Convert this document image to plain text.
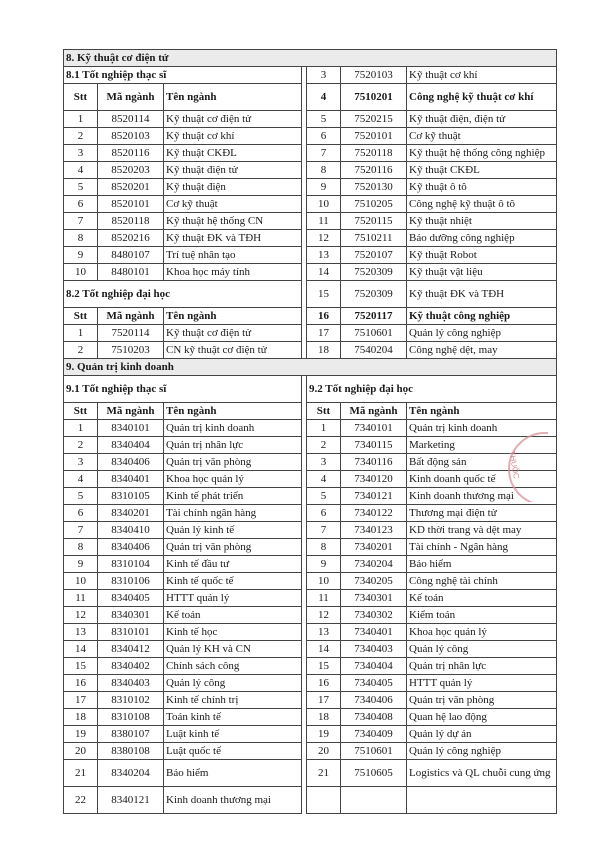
8. Kỹ thuật cơ điện tử						
8.1 Tốt nghiệp thạc sĩ				3	7520103	Kỹ thuật cơ khí
Stt	Mã ngành	Tên ngành		4	7510201	Công nghệ kỹ thuật cơ khí
1	8520114	Kỹ thuật cơ điện tử		5	7520215	Kỹ thuật điện, điện tử
2	8520103	Kỹ thuật cơ khí		6	7520101	Cơ kỹ thuật
3	8520116	Kỹ thuật CKĐL		7	7520118	Kỹ thuật hệ thống công nghiệp
4	8520203	Kỹ thuật điện tử		8	7520116	Kỹ thuật CKĐL
5	8520201	Kỹ thuật điện		9	7520130	Kỹ thuật ô tô
6	8520101	Cơ kỹ thuật		10	7510205	Công nghệ kỹ thuật ô tô
7	8520118	Kỹ thuật hệ thống CN		11	7520115	Kỹ thuật nhiệt
8	8520216	Kỹ thuật ĐK và TĐH		12	7510211	Bảo dưỡng công nghiệp
9	8480107	Trí tuệ nhân tạo		13	7520107	Kỹ thuật Robot
10	8480101	Khoa học máy tính		14	7520309	Kỹ thuật vật liệu
8.2 Tốt nghiệp đại học				15	7520309	Kỹ thuật ĐK và TĐH
Stt	Mã ngành	Tên ngành		16	7520117	Kỹ thuật công nghiệp
1	7520114	Kỹ thuật cơ điện tử		17	7510601	Quản lý công nghiệp
2	7510203	CN kỹ thuật cơ điện tử		18	7540204	Công nghệ dệt, may
9. Quản trị kinh doanh						
9.1 Tốt nghiệp thạc sĩ				9.2 Tốt nghiệp đại học		
Stt	Mã ngành	Tên ngành		Stt	Mã ngành	Tên ngành
1	8340101	Quản trị kinh doanh		1	7340101	Quản trị kinh doanh
2	8340404	Quản trị nhân lực		2	7340115	Marketing
3	8340406	Quản trị văn phòng		3	7340116	Bất động sản
4	8340401	Khoa học quản lý		4	7340120	Kinh doanh quốc tế
5	8310105	Kinh tế phát triển		5	7340121	Kinh doanh thương mại
6	8340201	Tài chính ngân hàng		6	7340122	Thương mại điện tử
7	8340410	Quản lý kinh tế		7	7340123	KD thời trang và dệt may
8	8340406	Quản trị văn phòng		8	7340201	Tài chính - Ngân hàng
9	8310104	Kinh tế đầu tư		9	7340204	Bảo hiểm
10	8310106	Kinh tế quốc tế		10	7340205	Công nghệ tài chính
11	8340405	HTTT quản lý		11	7340301	Kế toán
12	8340301	Kế toán		12	7340302	Kiểm toán
13	8310101	Kinh tế học		13	7340401	Khoa học quản lý
14	8340412	Quản lý KH và CN		14	7340403	Quản lý công
15	8340402	Chính sách công		15	7340404	Quản trị nhân lực
16	8340403	Quản lý công		16	7340405	HTTT quản lý
17	8310102	Kinh tế chính trị		17	7340406	Quản trị văn phòng
18	8310108	Toán kinh tế		18	7340408	Quan hệ lao động
19	8380107	Luật kinh tế		19	7340409	Quản lý dự án
20	8380108	Luật quốc tế		20	7510601	Quản lý công nghiệp
21	8340204	Bảo hiểm		21	7510605	Logistics và QL chuỗi cung ứng
22	8340121	Kinh doanh thương mại				
THUỘC
